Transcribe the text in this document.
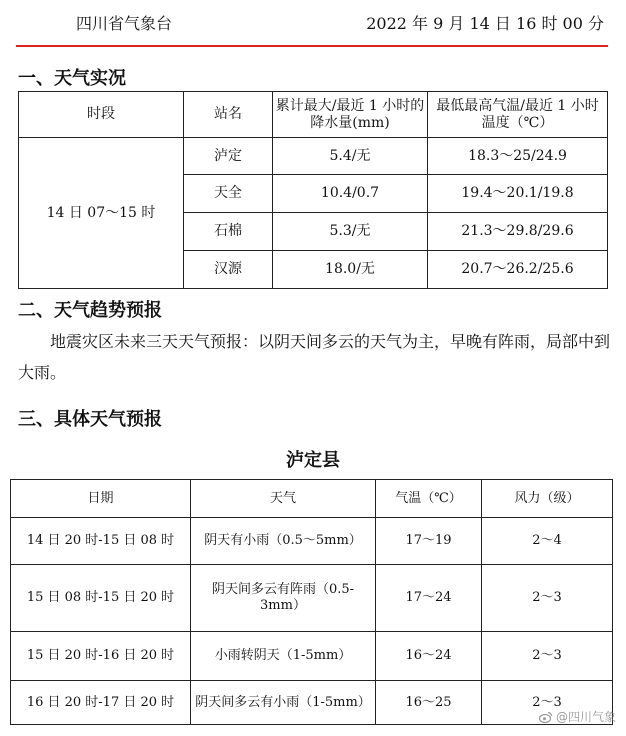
四川省气象台	2022 年 9 月 14 日 16 时 00 分
一、天气实况
时段	站名	累计最大/最近 1 小时的降水量(mm)	最低最高气温/最近 1 小时温度（℃）
14 日 07～15 时	泸定	5.4/无	18.3～25/24.9
	天全	10.4/0.7	19.4～20.1/19.8
	石棉	5.3/无	21.3～29.8/29.6
	汉源	18.0/无	20.7～26.2/25.6
二、天气趋势预报
地震灾区未来三天天气预报：以阴天间多云的天气为主，早晚有阵雨，局部中到大雨。
三、具体天气预报
泸定县
日期	天气	气温（℃）	风力（级）
14 日 20 时-15 日 08 时	阴天有小雨（0.5～5mm）	17～19	2～4
15 日 08 时-15 日 20 时	阴天间多云有阵雨（0.5-3mm）	17～24	2～3
15 日 20 时-16 日 20 时	小雨转阴天（1-5mm）	16～24	2～3
16 日 20 时-17 日 20 时	阴天间多云有小雨（1-5mm）	16～25	2～3
@四川气象
